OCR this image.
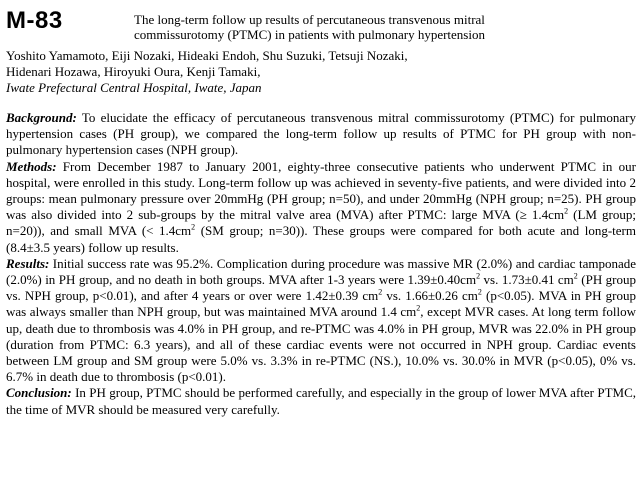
M-83	The long-term follow up results of percutaneous transvenous mitral
commissurotomy (PTMC) in patients with pulmonary hypertension
Yoshito Yamamoto, Eiji Nozaki, Hideaki Endoh, Shu Suzuki, Tetsuji Nozaki,
Hidenari Hozawa, Hiroyuki Oura, Kenji Tamaki,
Iwate Prefectural Central Hospital, Iwate, Japan

Background: To elucidate the efficacy of percutaneous transvenous mitral commissurotomy (PTMC) for pulmonary hypertension cases (PH group), we compared the long-term follow up results of PTMC for PH group with non-pulmonary hypertension cases (NPH group).

Methods: From December 1987 to January 2001, eighty-three consecutive patients who underwent PTMC in our hospital, were enrolled in this study. Long-term follow up was achieved in seventy-five patients, and were divided into 2 groups: mean pulmonary pressure over 20mmHg (PH group; n=50), and under 20mmHg (NPH group; n=25). PH group was also divided into 2 sub-groups by the mitral valve area (MVA) after PTMC: large MVA (≥ $1.4cm^2$ (LM group; n=20)), and small MVA (< $1.4cm^2$ (SM group; n=30)). These groups were compared for both acute and long-term (8.4±3.5 years) follow up results.

Results: Initial success rate was 95.2%. Complication during procedure was massive MR (2.0%) and cardiac tamponade (2.0%) in PH group, and no death in both groups. MVA after 1-3 years were $1.39\pm 0.40cm^2$ vs. 1.73±0.41 $cm^2$ (PH group vs. NPH group, p<0.01), and after 4 years or over were 1.42±0.39 $cm^2$ vs. 1.66±0.26 $cm^2$ (p<0.05). MVA in PH group was always smaller than NPH group, but was maintained MVA around 1.4 $cm^2$, except MVR cases. At long term follow up, death due to thrombosis was 4.0% in PH group, and re-PTMC was 4.0% in PH group, MVR was 22.0% in PH group (duration from PTMC: 6.3 years), and all of these cardiac events were not occurred in NPH group. Cardiac events between LM group and SM group were 5.0% vs. 3.3% in re-PTMC (NS.), 10.0% vs. 30.0% in MVR (p<0.05), 0% vs. 6.7% in death due to thrombosis (p<0.01).

Conclusion: In PH group, PTMC should be performed carefully, and especially in the group of lower MVA after PTMC, the time of MVR should be measured very carefully.
